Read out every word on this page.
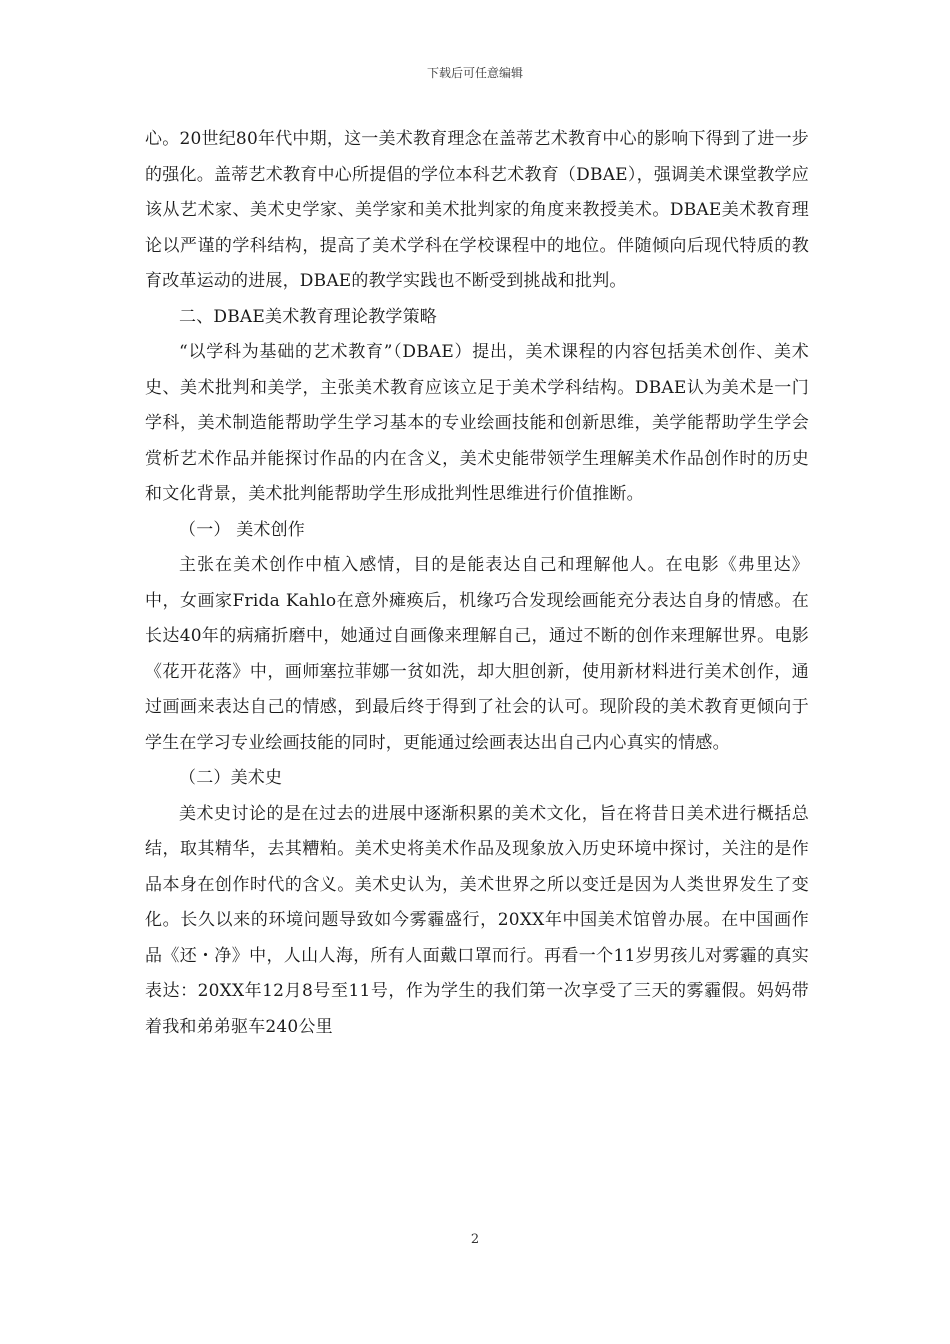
下载后可任意编辑

心。20世纪80年代中期，这一美术教育理念在盖蒂艺术教育中心的影响下得到了进一步的强化。盖蒂艺术教育中心所提倡的学位本科艺术教育（DBAE），强调美术课堂教学应该从艺术家、美术史学家、美学家和美术批判家的角度来教授美术。DBAE美术教育理论以严谨的学科结构，提高了美术学科在学校课程中的地位。伴随倾向后现代特质的教育改革运动的进展，DBAE的教学实践也不断受到挑战和批判。

二、DBAE美术教育理论教学策略

“以学科为基础的艺术教育”（DBAE）提出，美术课程的内容包括美术创作、美术史、美术批判和美学，主张美术教育应该立足于美术学科结构。DBAE认为美术是一门学科，美术制造能帮助学生学习基本的专业绘画技能和创新思维，美学能帮助学生学会赏析艺术作品并能探讨作品的内在含义，美术史能带领学生理解美术作品创作时的历史和文化背景，美术批判能帮助学生形成批判性思维进行价值推断。

（一） 美术创作

主张在美术创作中植入感情，目的是能表达自己和理解他人。在电影《弗里达》中，女画家Frida Kahlo在意外瘫痪后，机缘巧合发现绘画能充分表达自身的情感。在长达40年的病痛折磨中，她通过自画像来理解自己，通过不断的创作来理解世界。电影《花开花落》中，画师塞拉菲娜一贫如洗，却大胆创新，使用新材料进行美术创作，通过画画来表达自己的情感，到最后终于得到了社会的认可。现阶段的美术教育更倾向于学生在学习专业绘画技能的同时，更能通过绘画表达出自己内心真实的情感。

（二）美术史

美术史讨论的是在过去的进展中逐渐积累的美术文化，旨在将昔日美术进行概括总结，取其精华，去其糟粕。美术史将美术作品及现象放入历史环境中探讨，关注的是作品本身在创作时代的含义。美术史认为，美术世界之所以变迁是因为人类世界发生了变化。长久以来的环境问题导致如今雾霾盛行，20XX年中国美术馆曾办展。在中国画作品《还・净》中，人山人海，所有人面戴口罩而行。再看一个11岁男孩儿对雾霾的真实表达：20XX年12月8号至11号，作为学生的我们第一次享受了三天的雾霾假。妈妈带着我和弟弟驱车240公里

2
